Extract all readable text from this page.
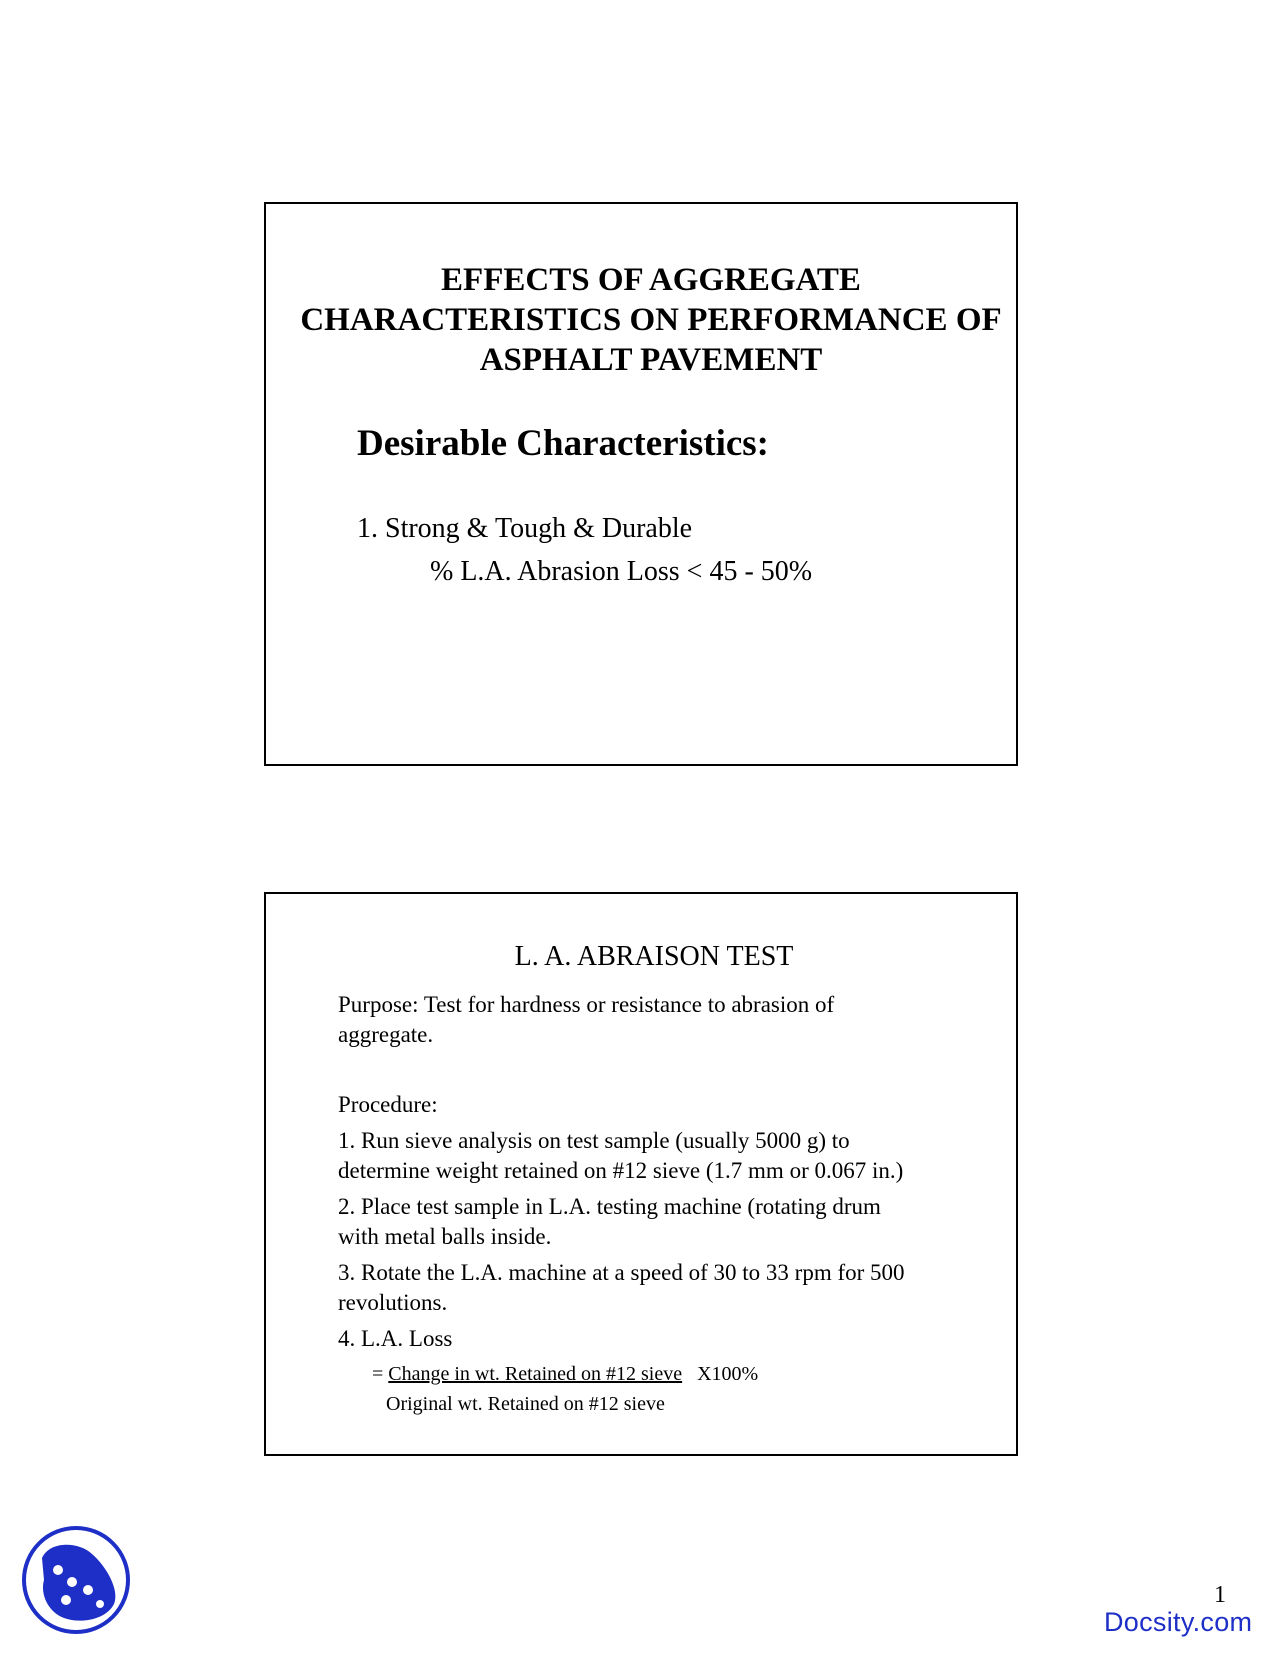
EFFECTS OF AGGREGATE
CHARACTERISTICS ON PERFORMANCE OF
ASPHALT PAVEMENT
Desirable Characteristics:
1. Strong & Tough & Durable
% L.A. Abrasion Loss < 45 - 50%
L. A. ABRAISON TEST
Purpose: Test for hardness or resistance to abrasion of
aggregate.
Procedure:
1. Run sieve analysis on test sample (usually 5000 g) to
determine weight retained on #12 sieve (1.7 mm or 0.067 in.)
2. Place test sample in L.A. testing machine (rotating drum
with metal balls inside.
3. Rotate the L.A. machine at a speed of 30 to 33 rpm for 500
revolutions.
4. L.A. Loss
= Change in wt. Retained on #12 sieve X100%
Original wt. Retained on #12 sieve
1
Docsity.com
